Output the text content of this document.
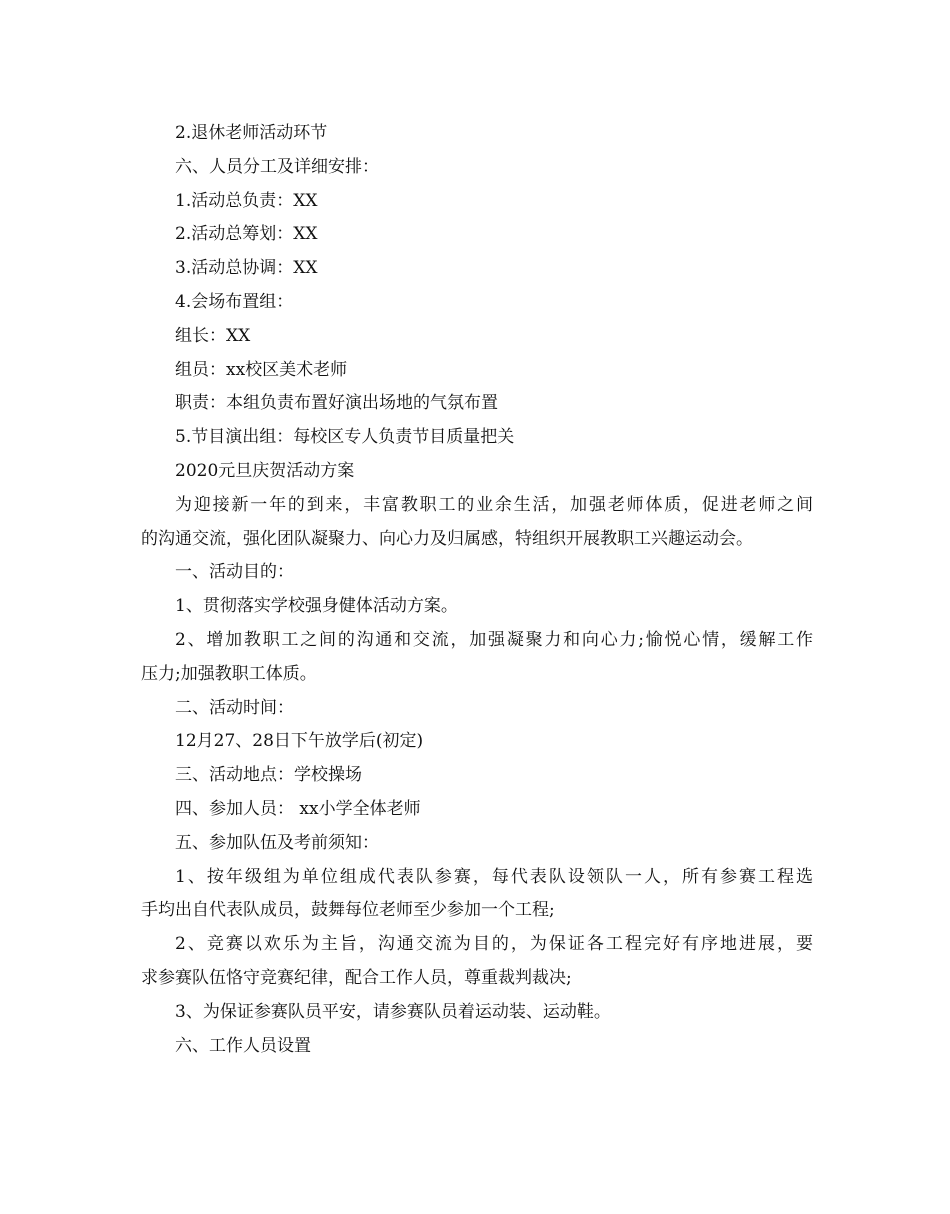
2.退休老师活动环节
六、人员分工及详细安排：
1.活动总负责：XX
2.活动总筹划：XX
3.活动总协调：XX
4.会场布置组：
组长：XX
组员：xx校区美术老师
职责：本组负责布置好演出场地的气氛布置
5.节目演出组：每校区专人负责节目质量把关
2020元旦庆贺活动方案
为迎接新一年的到来，丰富教职工的业余生活，加强老师体质，促进老师之间
的沟通交流，强化团队凝聚力、向心力及归属感，特组织开展教职工兴趣运动会。
一、活动目的：
1、贯彻落实学校强身健体活动方案。
2、增加教职工之间的沟通和交流，加强凝聚力和向心力;愉悦心情，缓解工作
压力;加强教职工体质。
二、活动时间：
12月27、28日下午放学后(初定)
三、活动地点：学校操场
四、参加人员： xx小学全体老师
五、参加队伍及考前须知：
1、按年级组为单位组成代表队参赛，每代表队设领队一人，所有参赛工程选
手均出自代表队成员，鼓舞每位老师至少参加一个工程;
2、竞赛以欢乐为主旨，沟通交流为目的，为保证各工程完好有序地进展，要
求参赛队伍恪守竞赛纪律，配合工作人员，尊重裁判裁决;
3、为保证参赛队员平安，请参赛队员着运动装、运动鞋。
六、工作人员设置
